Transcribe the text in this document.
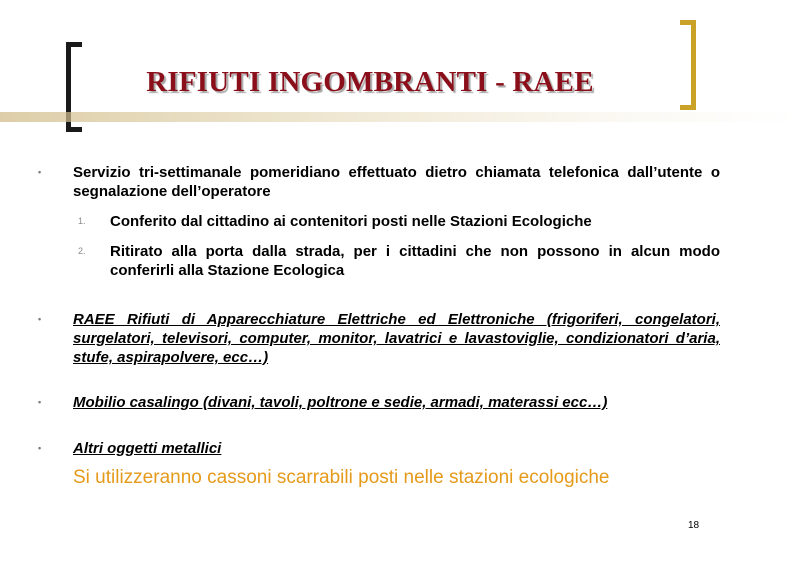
RIFIUTI INGOMBRANTI - RAEE
• Servizio tri-settimanale pomeridiano effettuato dietro chiamata telefonica dall’utente o segnalazione dell’operatore
1. Conferito dal cittadino ai contenitori posti nelle Stazioni Ecologiche
2. Ritirato alla porta dalla strada, per i cittadini che non possono in alcun modo conferirli alla Stazione Ecologica
• RAEE Rifiuti di Apparecchiature Elettriche ed Elettroniche (frigoriferi, congelatori, surgelatori, televisori, computer, monitor, lavatrici e lavastoviglie, condizionatori d’aria, stufe, aspirapolvere, ecc…)
• Mobilio casalingo (divani, tavoli, poltrone e sedie, armadi, materassi ecc…)
• Altri oggetti metallici
Si utilizzeranno cassoni scarrabili posti nelle stazioni ecologiche
18
